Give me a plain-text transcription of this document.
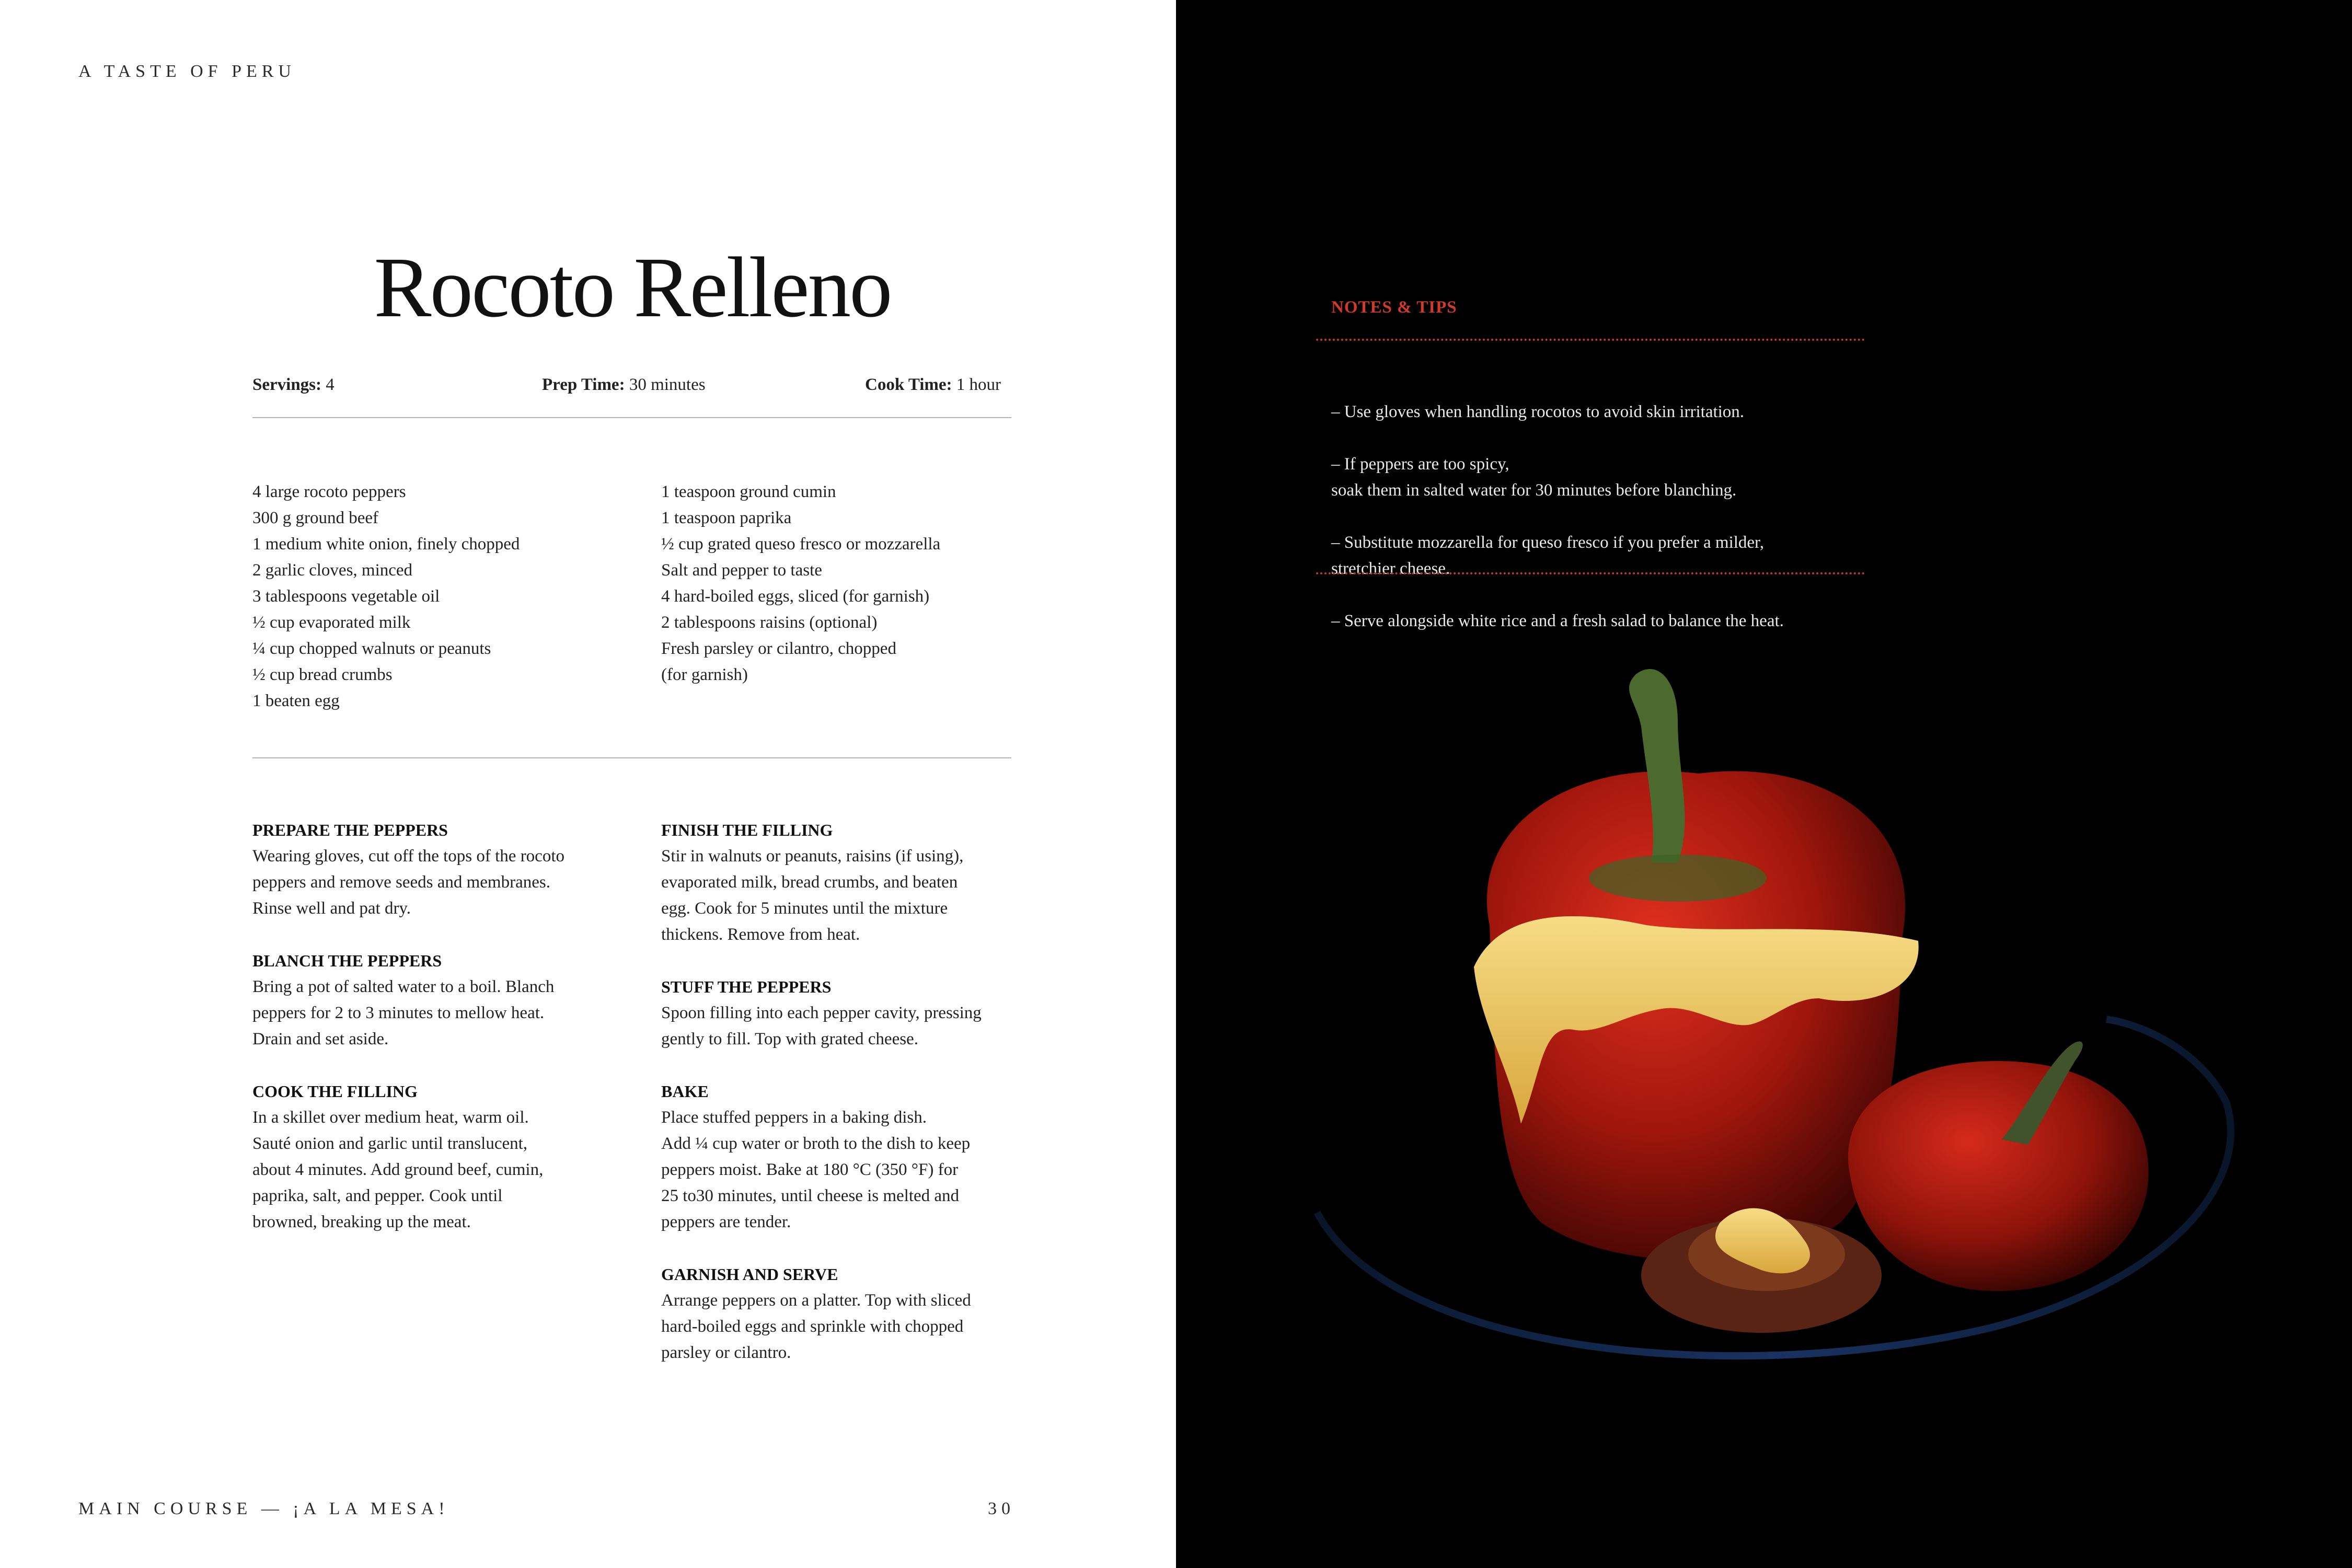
A TASTE OF PERU
Rocoto Relleno
Servings: 4	Prep Time: 30 minutes	Cook Time: 1 hour
4 large rocoto peppers
300 g ground beef
1 medium white onion, finely chopped
2 garlic cloves, minced
3 tablespoons vegetable oil
½ cup evaporated milk
¼ cup chopped walnuts or peanuts
½ cup bread crumbs
1 beaten egg
1 teaspoon ground cumin
1 teaspoon paprika
½ cup grated queso fresco or mozzarella
Salt and pepper to taste
4 hard-boiled eggs, sliced (for garnish)
2 tablespoons raisins (optional)
Fresh parsley or cilantro, chopped
(for garnish)
PREPARE THE PEPPERS
Wearing gloves, cut off the tops of the rocoto
peppers and remove seeds and membranes.
Rinse well and pat dry.
BLANCH THE PEPPERS
Bring a pot of salted water to a boil. Blanch
peppers for 2 to 3 minutes to mellow heat.
Drain and set aside.
COOK THE FILLING
In a skillet over medium heat, warm oil.
Sauté onion and garlic until translucent,
about 4 minutes. Add ground beef, cumin,
paprika, salt, and pepper. Cook until
browned, breaking up the meat.
FINISH THE FILLING
Stir in walnuts or peanuts, raisins (if using),
evaporated milk, bread crumbs, and beaten
egg. Cook for 5 minutes until the mixture
thickens. Remove from heat.
STUFF THE PEPPERS
Spoon filling into each pepper cavity, pressing
gently to fill. Top with grated cheese.
BAKE
Place stuffed peppers in a baking dish.
Add ¼ cup water or broth to the dish to keep
peppers moist. Bake at 180 °C (350 °F) for
25 to30 minutes, until cheese is melted and
peppers are tender.
GARNISH AND SERVE
Arrange peppers on a platter. Top with sliced
hard-boiled eggs and sprinkle with chopped
parsley or cilantro.
MAIN COURSE — ¡A LA MESA!	30
NOTES & TIPS

– Use gloves when handling rocotos to avoid skin irritation.

– If peppers are too spicy,
soak them in salted water for 30 minutes before blanching.

– Substitute mozzarella for queso fresco if you prefer a milder,
stretchier cheese.

– Serve alongside white rice and a fresh salad to balance the heat.
